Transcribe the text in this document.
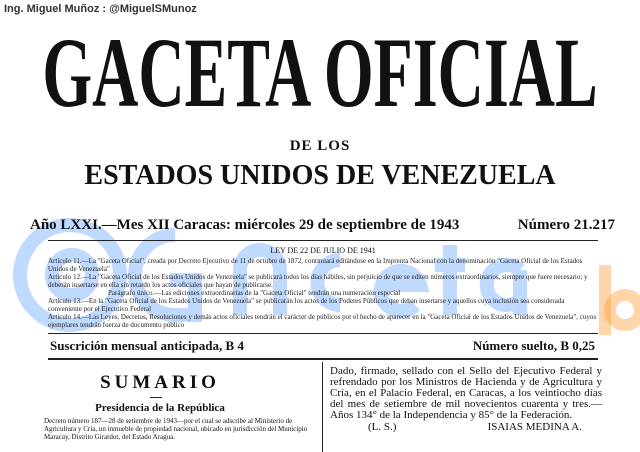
Ing. Miguel Muñoz : @MiguelSMunoz
GACETA OFICIAL
DE LOS
ESTADOS UNIDOS DE VENEZUELA
Año LXXI.—Mes XII Caracas: miércoles 29 de septiembre de 1943	Número 21.217
LEY DE 22 DE JULIO DE 1941
Artículo 11.—La "Gaceta Oficial", creada por Decreto Ejecutivo de 11 de octubre de 1872, continuará editándose en la Imprenta Nacional con la denominación "Gaceta Oficial de los Estados Unidos de Venezuela"
Artículo 12.—La "Gaceta Oficial de los Estados Unidos de Venezuela" se publicará todos los días hábiles, sin perjuicio de que se editen números extraordinarios, siempre que fuere necesario; y deberán insertarse en ella sin retardo los actos oficiales que hayan de publicarse.
Parágrafo único.—Las ediciones extraordinarias de la "Gaceta Oficial" tendrán una numeración especial
Artículo 13.—En la "Gaceta Oficial de los Estados Unidos de Venezuela" se publicarán los actos de los Poderes Públicos que deban insertarse y aquellos cuya inclusión sea considerada conveniente por el Ejecutivo Federal
Artículo 14.—Las Leyes, Decretos, Resoluciones y demás actos oficiales tendrán el carácter de públicos por el hecho de aparecer en la "Gaceta Oficial de los Estados Unidos de Venezuela", cuyos ejemplares tendrán fuerza de documento público
Suscrición mensual anticipada, B 4	Número suelto, B 0,25
SUMARIO
Presidencia de la República
Decreto número 187—28 de setiembre de 1943—por el cual se adscribe al Ministerio de Agricultura y Cría, un inmueble de propiedad nacional, ubicado en jurisdicción del Municipio Maracay, Distrito Girardot, del Estado Aragua.
Dado, firmado, sellado con el Sello del Ejecutivo Federal y refrendado por los Ministros de Hacienda y de Agricultura y Cría, en el Palacio Federal, en Caracas, a los veintiocho días del mes de setiembre de mil novecientos cuarenta y tres.—Años 134° de la Independencia y 85° de la Federación.
(L. S.)	ISAIAS MEDINA A.
